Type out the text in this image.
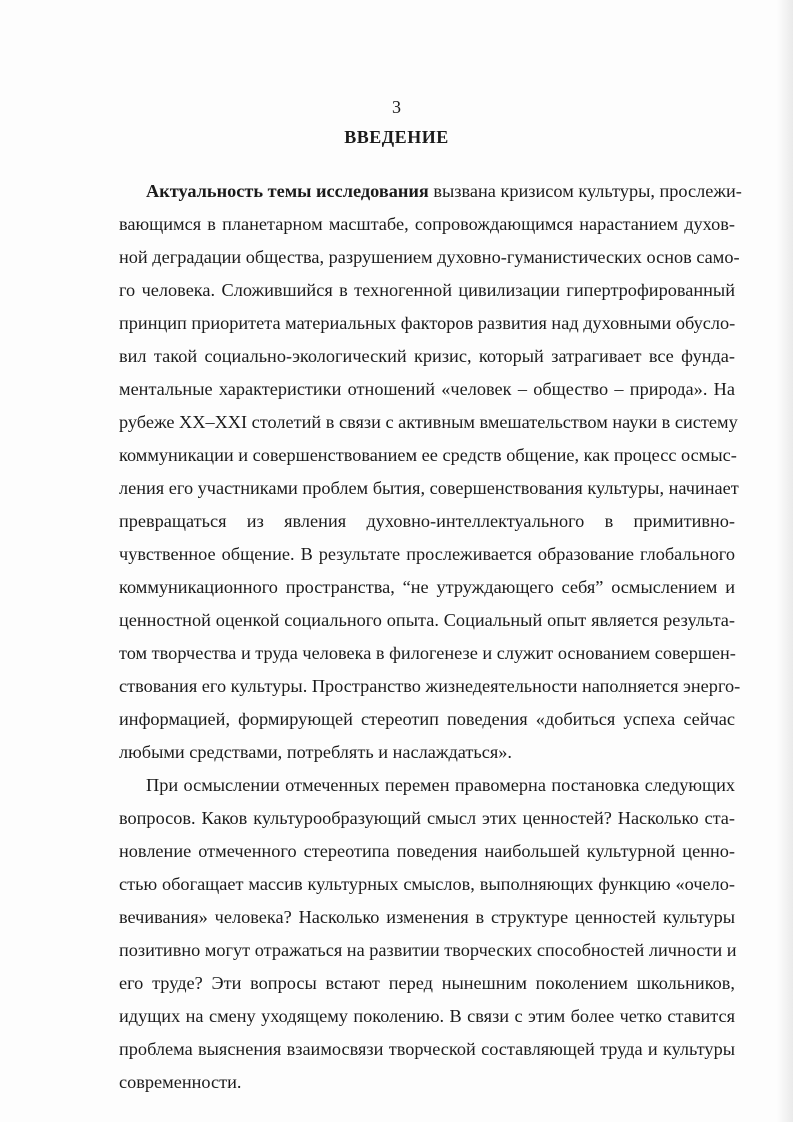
3
ВВЕДЕНИЕ
Актуальность темы исследования вызвана кризисом культуры, прослежи-
вающимся в планетарном масштабе, сопровождающимся нарастанием духов-
ной деградации общества, разрушением духовно-гуманистических основ само-
го человека. Сложившийся в техногенной цивилизации гипертрофированный
принцип приоритета материальных факторов развития над духовными обусло-
вил такой социально-экологический кризис, который затрагивает все фунда-
ментальные характеристики отношений «человек – общество – природа». На
рубеже XX–XXI столетий в связи с активным вмешательством науки в систему
коммуникации и совершенствованием ее средств общение, как процесс осмыс-
ления его участниками проблем бытия, совершенствования культуры, начинает
превращаться из явления духовно-интеллектуального в примитивно-
чувственное общение. В результате прослеживается образование глобального
коммуникационного пространства, “не утруждающего себя” осмыслением и
ценностной оценкой социального опыта. Социальный опыт является результа-
том творчества и труда человека в филогенезе и служит основанием совершен-
ствования его культуры. Пространство жизнедеятельности наполняется энерго-
информацией, формирующей стереотип поведения «добиться успеха сейчас
любыми средствами, потреблять и наслаждаться».
При осмыслении отмеченных перемен правомерна постановка следующих
вопросов. Каков культурообразующий смысл этих ценностей? Насколько ста-
новление отмеченного стереотипа поведения наибольшей культурной ценно-
стью обогащает массив культурных смыслов, выполняющих функцию «очело-
вечивания» человека? Насколько изменения в структуре ценностей культуры
позитивно могут отражаться на развитии творческих способностей личности и
его труде? Эти вопросы встают перед нынешним поколением школьников,
идущих на смену уходящему поколению. В связи с этим более четко ставится
проблема выяснения взаимосвязи творческой составляющей труда и культуры
современности.
